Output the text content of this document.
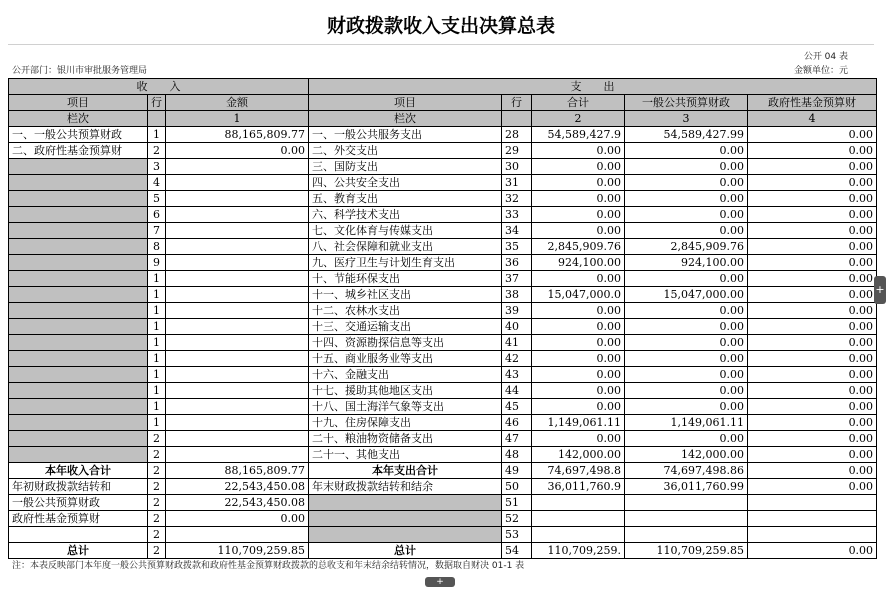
财政拨款收入支出决算总表
公开 04 表
公开部门：银川市审批服务管理局	金额单位：元
收　　入			支　　出				
项目	行	金额	项目	行	合计	一般公共预算财政	政府性基金预算财
栏次		1	栏次		2	3	4
一、一般公共预算财政	1	88,165,809.77	一、一般公共服务支出	28	54,589,427.9	54,589,427.99	0.00
二、政府性基金预算财	2	0.00	二、外交支出	29	0.00	0.00	0.00
	3		三、国防支出	30	0.00	0.00	0.00
	4		四、公共安全支出	31	0.00	0.00	0.00
	5		五、教育支出	32	0.00	0.00	0.00
	6		六、科学技术支出	33	0.00	0.00	0.00
	7		七、文化体育与传媒支出	34	0.00	0.00	0.00
	8		八、社会保障和就业支出	35	2,845,909.76	2,845,909.76	0.00
	9		九、医疗卫生与计划生育支出	36	924,100.00	924,100.00	0.00
	1		十、节能环保支出	37	0.00	0.00	0.00
	1		十一、城乡社区支出	38	15,047,000.0	15,047,000.00	0.00
	1		十二、农林水支出	39	0.00	0.00	0.00
	1		十三、交通运输支出	40	0.00	0.00	0.00
	1		十四、资源勘探信息等支出	41	0.00	0.00	0.00
	1		十五、商业服务业等支出	42	0.00	0.00	0.00
	1		十六、金融支出	43	0.00	0.00	0.00
	1		十七、援助其他地区支出	44	0.00	0.00	0.00
	1		十八、国土海洋气象等支出	45	0.00	0.00	0.00
	1		十九、住房保障支出	46	1,149,061.11	1,149,061.11	0.00
	2		二十、粮油物资储备支出	47	0.00	0.00	0.00
	2		二十一、其他支出	48	142,000.00	142,000.00	0.00
本年收入合计	2	88,165,809.77	本年支出合计	49	74,697,498.8	74,697,498.86	0.00
年初财政拨款结转和	2	22,543,450.08	年末财政拨款结转和结余	50	36,011,760.9	36,011,760.99	0.00
一般公共预算财政	2	22,543,450.08		51			
政府性基金预算财	2	0.00		52			
	2			53			
总计	2	110,709,259.85	总计	54	110,709,259.	110,709,259.85	0.00
注：本表反映部门本年度一般公共预算财政拨款和政府性基金预算财政拨款的总收支和年末结余结转情况，数据取自财决 01-1 表
+
+
